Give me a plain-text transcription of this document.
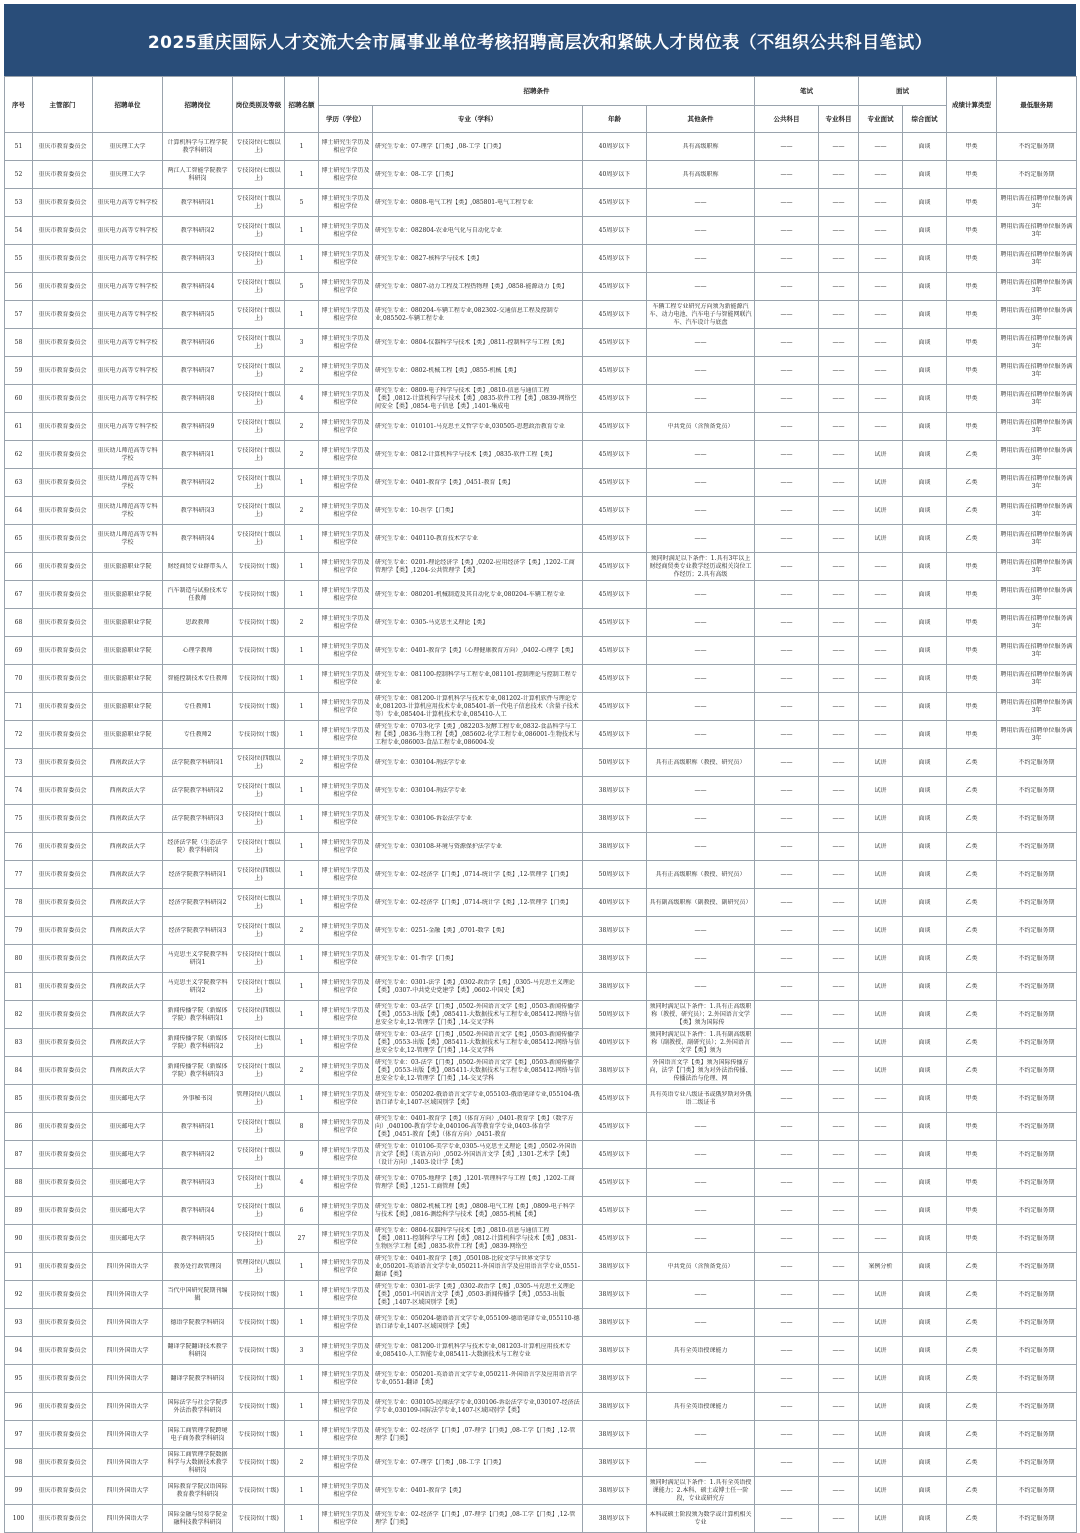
2025重庆国际人才交流大会市属事业单位考核招聘高层次和紧缺人才岗位表（不组织公共科目笔试）
序号	主管部门	招聘单位	招聘岗位	岗位类别及等级	招聘名额	招聘条件				笔试		面试		成绩计算类型	最低服务期
						学历（学位）	专业（学科）	年龄	其他条件	公共科目	专业科目	专业面试	综合面试		

51	重庆市教育委员会	重庆理工大学	计算机科学与工程学院教学科研岗	专技岗位(七级以上)	1	博士研究生学历及相应学位	研究生专业：07-理学【门类】,08-工学【门类】	40周岁以下	具有高级职称	——	——	——	面谈	甲类	不约定服务期

52	重庆市教育委员会	重庆理工大学	两江人工智能学院教学科研岗	专技岗位(七级以上)	1	博士研究生学历及相应学位	研究生专业：08-工学【门类】	40周岁以下	具有高级职称	——	——	——	面谈	甲类	不约定服务期

53	重庆市教育委员会	重庆电力高等专科学校	教学科研岗1	专技岗位(十级以上)	5	博士研究生学历及相应学位	研究生专业：0808-电气工程【类】,085801-电气工程专业	45周岁以下	——	——	——	——	面谈	甲类	聘用后需在招聘单位服务满3年

54	重庆市教育委员会	重庆电力高等专科学校	教学科研岗2	专技岗位(十级以上)	1	博士研究生学历及相应学位	研究生专业：082804-农业电气化与自动化专业	45周岁以下	——	——	——	——	面谈	甲类	聘用后需在招聘单位服务满3年

55	重庆市教育委员会	重庆电力高等专科学校	教学科研岗3	专技岗位(十级以上)	1	博士研究生学历及相应学位	研究生专业：0827-核科学与技术【类】	45周岁以下	——	——	——	——	面谈	甲类	聘用后需在招聘单位服务满3年

56	重庆市教育委员会	重庆电力高等专科学校	教学科研岗4	专技岗位(十级以上)	5	博士研究生学历及相应学位	研究生专业：0807-动力工程及工程热物理【类】,0858-能源动力【类】	45周岁以下	——	——	——	——	面谈	甲类	聘用后需在招聘单位服务满3年

57	重庆市教育委员会	重庆电力高等专科学校	教学科研岗5	专技岗位(十级以上)	1	博士研究生学历及相应学位	研究生专业：080204-车辆工程专业,082302-交通信息工程及控制专业,085502-车辆工程专业	45周岁以下	车辆工程专业研究方向须为新能源汽车、动力电池、汽车电子与智能网联汽车、汽车设计与底盘	——	——	——	面谈	甲类	聘用后需在招聘单位服务满3年

58	重庆市教育委员会	重庆电力高等专科学校	教学科研岗6	专技岗位(十级以上)	3	博士研究生学历及相应学位	研究生专业：0804-仪器科学与技术【类】,0811-控制科学与工程【类】	45周岁以下	——	——	——	——	面谈	甲类	聘用后需在招聘单位服务满3年

59	重庆市教育委员会	重庆电力高等专科学校	教学科研岗7	专技岗位(十级以上)	2	博士研究生学历及相应学位	研究生专业：0802-机械工程【类】,0855-机械【类】	45周岁以下	——	——	——	——	面谈	甲类	聘用后需在招聘单位服务满3年

60	重庆市教育委员会	重庆电力高等专科学校	教学科研岗8	专技岗位(十级以上)	4	博士研究生学历及相应学位	研究生专业：0809-电子科学与技术【类】,0810-信息与通信工程【类】,0812-计算机科学与技术【类】,0835-软件工程【类】,0839-网络空间安全【类】,0854-电子信息【类】,1401-集成电	45周岁以下	——	——	——	——	面谈	甲类	聘用后需在招聘单位服务满3年

61	重庆市教育委员会	重庆电力高等专科学校	教学科研岗9	专技岗位(十级以上)	2	博士研究生学历及相应学位	研究生专业：010101-马克思主义哲学专业,030505-思想政治教育专业	45周岁以下	中共党员（含预备党员）	——	——	——	面谈	甲类	聘用后需在招聘单位服务满3年

62	重庆市教育委员会	重庆幼儿师范高等专科学校	教学科研岗1	专技岗位(十级以上)	2	博士研究生学历及相应学位	研究生专业：0812-计算机科学与技术【类】,0835-软件工程【类】	45周岁以下	——	——	——	试讲	面谈	乙类	聘用后需在招聘单位服务满3年

63	重庆市教育委员会	重庆幼儿师范高等专科学校	教学科研岗2	专技岗位(十级以上)	1	博士研究生学历及相应学位	研究生专业：0401-教育学【类】,0451-教育【类】	45周岁以下	——	——	——	试讲	面谈	乙类	聘用后需在招聘单位服务满3年

64	重庆市教育委员会	重庆幼儿师范高等专科学校	教学科研岗3	专技岗位(十级以上)	2	博士研究生学历及相应学位	研究生专业：10-医学【门类】	45周岁以下	——	——	——	试讲	面谈	乙类	聘用后需在招聘单位服务满3年

65	重庆市教育委员会	重庆幼儿师范高等专科学校	教学科研岗4	专技岗位(十级以上)	1	博士研究生学历及相应学位	研究生专业：040110-教育技术学专业	45周岁以下	——	——	——	试讲	面谈	乙类	聘用后需在招聘单位服务满3年

66	重庆市教育委员会	重庆旅游职业学院	财经商贸专业群带头人	专技岗位(十级)	1	博士研究生学历及相应学位	研究生专业：0201-理论经济学【类】,0202-应用经济学【类】,1202-工商管理学【类】,1204-公共管理学【类】	45周岁以下	须同时满足以下条件：1.具有3年以上财经商贸类专业教学经历或相关岗位工作经历；2.具有高级	——	——	——	面谈	甲类	聘用后需在招聘单位服务满3年

67	重庆市教育委员会	重庆旅游职业学院	汽车制造与试验技术专任教师	专技岗位(十级)	1	博士研究生学历及相应学位	研究生专业：080201-机械制造及其自动化专业,080204-车辆工程专业	45周岁以下	——	——	——	——	面谈	甲类	聘用后需在招聘单位服务满3年

68	重庆市教育委员会	重庆旅游职业学院	思政教师	专技岗位(十级)	2	博士研究生学历及相应学位	研究生专业：0305-马克思主义理论【类】	45周岁以下	——	——	——	——	面谈	甲类	聘用后需在招聘单位服务满3年

69	重庆市教育委员会	重庆旅游职业学院	心理学教师	专技岗位(十级)	1	博士研究生学历及相应学位	研究生专业：0401-教育学【类】（心理健康教育方向）,0402-心理学【类】	45周岁以下	——	——	——	——	面谈	甲类	聘用后需在招聘单位服务满3年

70	重庆市教育委员会	重庆旅游职业学院	智能控制技术专任教师	专技岗位(十级)	1	博士研究生学历及相应学位	研究生专业：081100-控制科学与工程专业,081101-控制理论与控制工程专业	45周岁以下	——	——	——	——	面谈	甲类	聘用后需在招聘单位服务满3年

71	重庆市教育委员会	重庆旅游职业学院	专任教师1	专技岗位(十级)	1	博士研究生学历及相应学位	研究生专业：081200-计算机科学与技术专业,081202-计算机软件与理论专业,081203-计算机应用技术专业,085401-新一代电子信息技术（含量子技术等）专业,085404-计算机技术专业,085410-人工	45周岁以下	——	——	——	——	面谈	甲类	聘用后需在招聘单位服务满3年

72	重庆市教育委员会	重庆旅游职业学院	专任教师2	专技岗位(十级)	1	博士研究生学历及相应学位	研究生专业：0703-化学【类】,082203-发酵工程专业,0832-食品科学与工程【类】,0836-生物工程【类】,085602-化学工程专业,086001-生物技术与工程专业,086003-食品工程专业,086004-发	45周岁以下	——	——	——	——	面谈	甲类	聘用后需在招聘单位服务满3年

73	重庆市教育委员会	西南政法大学	法学院教学科研岗1	专技岗位(四级以上)	2	博士研究生学历及相应学位	研究生专业：030104-刑法学专业	50周岁以下	具有正高级职称（教授、研究员）	——	——	试讲	面谈	乙类	不约定服务期

74	重庆市教育委员会	西南政法大学	法学院教学科研岗2	专技岗位(十级以上)	1	博士研究生学历及相应学位	研究生专业：030104-刑法学专业	38周岁以下	——	——	——	试讲	面谈	乙类	不约定服务期

75	重庆市教育委员会	西南政法大学	法学院教学科研岗3	专技岗位(十级以上)	1	博士研究生学历及相应学位	研究生专业：030106-诉讼法学专业	38周岁以下	——	——	——	试讲	面谈	乙类	不约定服务期

76	重庆市教育委员会	西南政法大学	经济法学院（生态法学院）教学科研岗	专技岗位(十级以上)	1	博士研究生学历及相应学位	研究生专业：030108-环境与资源保护法学专业	38周岁以下	——	——	——	试讲	面谈	乙类	不约定服务期

77	重庆市教育委员会	西南政法大学	经济学院教学科研岗1	专技岗位(四级以上)	1	博士研究生学历及相应学位	研究生专业：02-经济学【门类】,0714-统计学【类】,12-管理学【门类】	50周岁以下	具有正高级职称（教授、研究员）	——	——	试讲	面谈	乙类	不约定服务期

78	重庆市教育委员会	西南政法大学	经济学院教学科研岗2	专技岗位(七级以上)	1	博士研究生学历及相应学位	研究生专业：02-经济学【门类】,0714-统计学【类】,12-管理学【门类】	40周岁以下	具有副高级职称（副教授、副研究员）	——	——	试讲	面谈	乙类	不约定服务期

79	重庆市教育委员会	西南政法大学	经济学院教学科研岗3	专技岗位(十级以上)	2	博士研究生学历及相应学位	研究生专业：0251-金融【类】,0701-数学【类】	38周岁以下	——	——	——	试讲	面谈	乙类	不约定服务期

80	重庆市教育委员会	西南政法大学	马克思主义学院教学科研岗1	专技岗位(十级以上)	1	博士研究生学历及相应学位	研究生专业：01-哲学【门类】	38周岁以下	——	——	——	试讲	面谈	乙类	不约定服务期

81	重庆市教育委员会	西南政法大学	马克思主义学院教学科研岗2	专技岗位(十级以上)	1	博士研究生学历及相应学位	研究生专业：0301-法学【类】,0302-政治学【类】,0305-马克思主义理论【类】,0307-中共党史党建学【类】,0602-中国史【类】	38周岁以下	——	——	——	试讲	面谈	乙类	不约定服务期

82	重庆市教育委员会	西南政法大学	新闻传播学院（新媒体学院）教学科研岗1	专技岗位(四级以上)	1	博士研究生学历及相应学位	研究生专业：03-法学【门类】,0502-外国语言文学【类】,0503-新闻传播学【类】,0553-出版【类】,085411-大数据技术与工程专业,085412-网络与信息安全专业,12-管理学【门类】,14-交叉学科	50周岁以下	须同时满足以下条件：1.具有正高级职称（教授、研究员）；2.外国语言文学【类】须为国际传	——	——	试讲	面谈	乙类	不约定服务期

83	重庆市教育委员会	西南政法大学	新闻传播学院（新媒体学院）教学科研岗2	专技岗位(七级以上)	1	博士研究生学历及相应学位	研究生专业：03-法学【门类】,0502-外国语言文学【类】,0503-新闻传播学【类】,0553-出版【类】,085411-大数据技术与工程专业,085412-网络与信息安全专业,12-管理学【门类】,14-交叉学科	40周岁以下	须同时满足以下条件：1.具有副高级职称（副教授、副研究员）；2.外国语言文学【类】须为	——	——	试讲	面谈	乙类	不约定服务期

84	重庆市教育委员会	西南政法大学	新闻传播学院（新媒体学院）教学科研岗3	专技岗位(十级以上)	2	博士研究生学历及相应学位	研究生专业：03-法学【门类】,0502-外国语言文学【类】,0503-新闻传播学【类】,0553-出版【类】,085411-大数据技术与工程专业,085412-网络与信息安全专业,12-管理学【门类】,14-交叉学科	38周岁以下	外国语言文学【类】须为国际传播方向，法学【门类】须为对外法治传播、传播法治与伦理、网	——	——	试讲	面谈	乙类	不约定服务期

85	重庆市教育委员会	重庆邮电大学	外事秘书岗	管理岗位(八级以上)	1	博士研究生学历及相应学位	研究生专业：050202-俄语语言文学专业,055103-俄语笔译专业,055104-俄语口译专业,1407-区域国别学【类】	45周岁以下	具有英语专业八级证书或俄罗斯对外俄语二级证书	——	——	——	面谈	甲类	不约定服务期

86	重庆市教育委员会	重庆邮电大学	教学科研岗1	专技岗位(十级以上)	8	博士研究生学历及相应学位	研究生专业：0401-教育学【类】（体育方向）,0401-教育学【类】（数学方向）,040100-教育学专业,040106-高等教育学专业,0403-体育学【类】,0451-教育【类】（体育方向）,0451-教育	45周岁以下	——	——	——	——	面谈	甲类	不约定服务期

87	重庆市教育委员会	重庆邮电大学	教学科研岗2	专技岗位(十级以上)	9	博士研究生学历及相应学位	研究生专业：010106-美学专业,0305-马克思主义理论【类】,0502-外国语言文学【类】（英语方向）,0502-外国语言文学【类】,1301-艺术学【类】（设计方向）,1403-设计学【类】	45周岁以下	——	——	——	——	面谈	甲类	不约定服务期

88	重庆市教育委员会	重庆邮电大学	教学科研岗3	专技岗位(十级以上)	4	博士研究生学历及相应学位	研究生专业：0705-地理学【类】,1201-管理科学与工程【类】,1202-工商管理学【类】,1251-工商管理【类】	45周岁以下	——	——	——	——	面谈	甲类	不约定服务期

89	重庆市教育委员会	重庆邮电大学	教学科研岗4	专技岗位(十级以上)	6	博士研究生学历及相应学位	研究生专业：0802-机械工程【类】,0808-电气工程【类】,0809-电子科学与技术【类】,0816-测绘科学与技术【类】,0855-机械【类】	45周岁以下	——	——	——	——	面谈	甲类	不约定服务期

90	重庆市教育委员会	重庆邮电大学	教学科研岗5	专技岗位(十级以上)	27	博士研究生学历及相应学位	研究生专业：0804-仪器科学与技术【类】,0810-信息与通信工程【类】,0811-控制科学与工程【类】,0812-计算机科学与技术【类】,0831-生物医学工程【类】,0835-软件工程【类】,0839-网络空	45周岁以下	——	——	——	——	面谈	甲类	不约定服务期

91	重庆市教育委员会	四川外国语大学	教务处行政管理岗	管理岗位(八级以上)	1	博士研究生学历及相应学位	研究生专业：0401-教育学【类】,050108-比较文学与世界文学专业,050201-英语语言文学专业,050211-外国语言学及应用语言学专业,0551-翻译【类】	38周岁以下	中共党员（含预备党员）	——	——	案例分析	面谈	乙类	不约定服务期

92	重庆市教育委员会	四川外国语大学	当代中国研究院期刊编辑	专技岗位(十级)	1	博士研究生学历及相应学位	研究生专业：0301-法学【类】,0302-政治学【类】,0305-马克思主义理论【类】,0501-中国语言文学【类】,0503-新闻传播学【类】,0553-出版【类】,1407-区域国别学【类】	38周岁以下	——	——	——	试讲	面谈	乙类	不约定服务期

93	重庆市教育委员会	四川外国语大学	德语学院教学科研岗	专技岗位(十级)	1	博士研究生学历及相应学位	研究生专业：050204-德语语言文学专业,055109-德语笔译专业,055110-德语口译专业,1407-区域国别学【类】	38周岁以下	——	——	——	试讲	面谈	乙类	不约定服务期

94	重庆市教育委员会	四川外国语大学	翻译学院翻译技术教学科研岗	专技岗位(十级)	3	博士研究生学历及相应学位	研究生专业：081200-计算机科学与技术专业,081203-计算机应用技术专业,085410-人工智能专业,085411-大数据技术与工程专业	38周岁以下	具有全英语授课能力	——	——	试讲	面谈	乙类	不约定服务期

95	重庆市教育委员会	四川外国语大学	翻译学院教学科研岗	专技岗位(十级)	1	博士研究生学历及相应学位	研究生专业：050201-英语语言文学专业,050211-外国语言学及应用语言学专业,0551-翻译【类】	38周岁以下	——	——	——	试讲	面谈	乙类	不约定服务期

96	重庆市教育委员会	四川外国语大学	国际法学与社会学院涉外法治教学科研岗	专技岗位(十级)	1	博士研究生学历及相应学位	研究生专业：030105-民商法学专业,030106-诉讼法学专业,030107-经济法学专业,030109-国际法学专业,1407-区域国别学【类】	38周岁以下	具有全英语授课能力	——	——	试讲	面谈	乙类	不约定服务期

97	重庆市教育委员会	四川外国语大学	国际工商管理学院跨境电子商务教学科研岗	专技岗位(十级)	1	博士研究生学历及相应学位	研究生专业：02-经济学【门类】,07-理学【门类】,08-工学【门类】,12-管理学【门类】	38周岁以下	——	——	——	试讲	面谈	乙类	不约定服务期

98	重庆市教育委员会	四川外国语大学	国际工商管理学院数据科学与大数据技术教学科研岗	专技岗位(十级)	2	博士研究生学历及相应学位	研究生专业：07-理学【门类】,08-工学【门类】	38周岁以下	——	——	——	试讲	面谈	乙类	不约定服务期

99	重庆市教育委员会	四川外国语大学	国际教育学院汉语国际教育教学科研岗	专技岗位(十级)	1	博士研究生学历及相应学位	研究生专业：0401-教育学【类】	38周岁以下	须同时满足以下条件：1.具有全英语授课能力；2.本科、硕士或博士任一阶段，专业或研究方	——	——	试讲	面谈	乙类	不约定服务期

100	重庆市教育委员会	四川外国语大学	国际金融与贸易学院金融科技教学科研岗	专技岗位(十级)	1	博士研究生学历及相应学位	研究生专业：02-经济学【门类】,07-理学【门类】,08-工学【门类】,12-管理学【门类】	38周岁以下	本科或硕士阶段须为数学或计算机相关专业	——	——	试讲	面谈	乙类	不约定服务期
